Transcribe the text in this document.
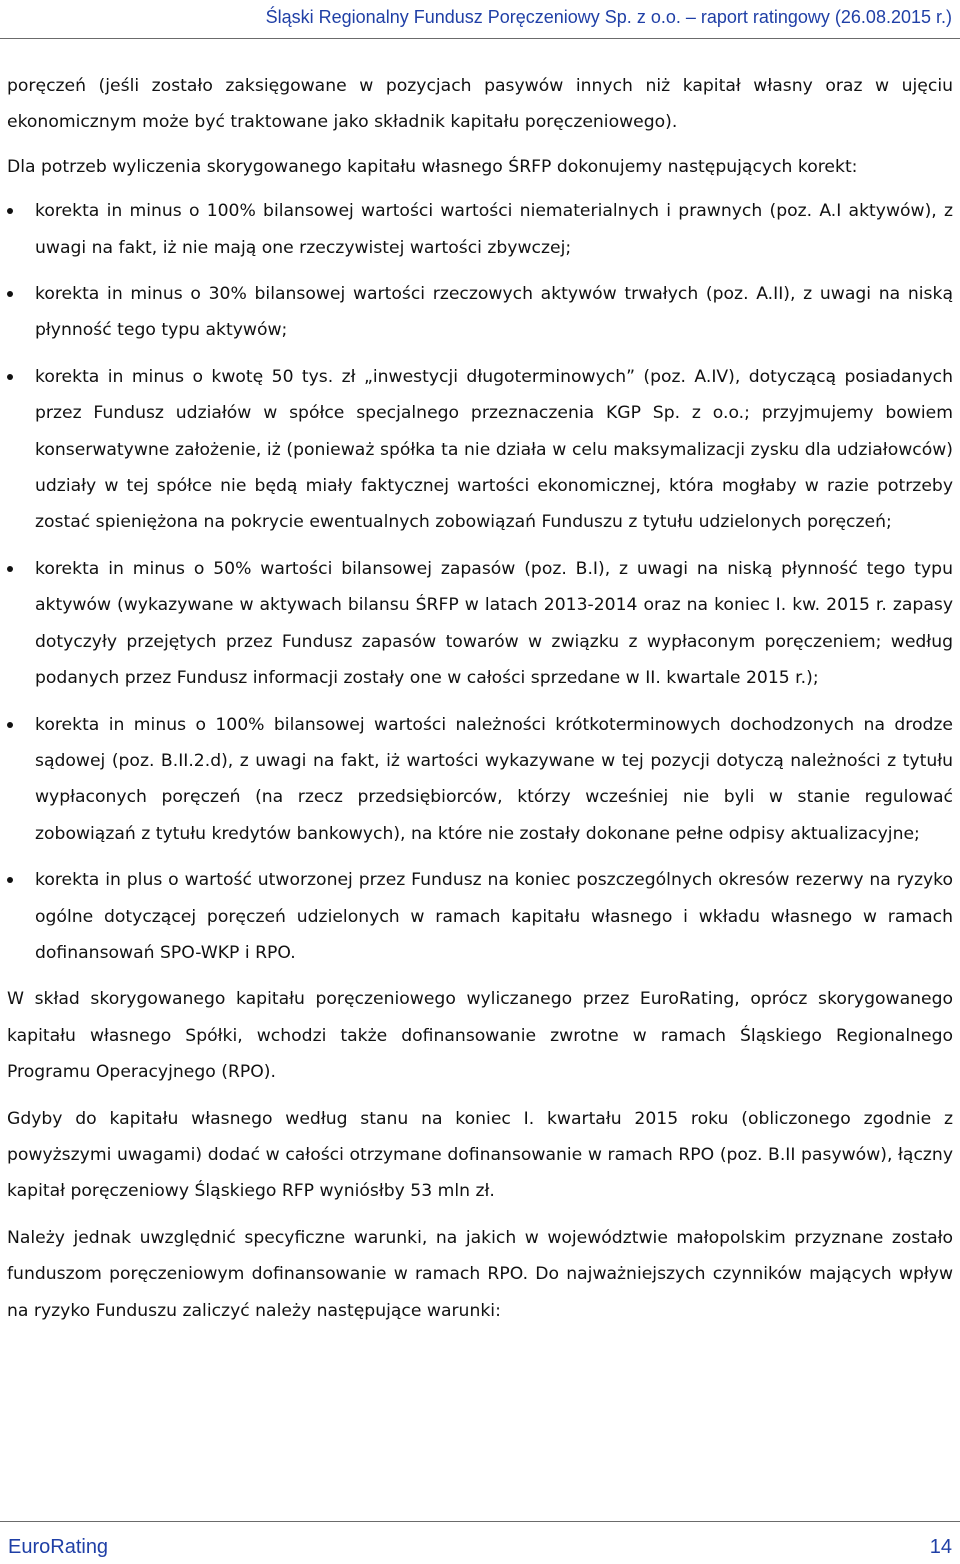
Śląski Regionalny Fundusz Poręczeniowy Sp. z o.o. – raport ratingowy (26.08.2015 r.)

poręczeń (jeśli zostało zaksięgowane w pozycjach pasywów innych niż kapitał własny oraz w ujęciu ekonomicznym może być traktowane jako składnik kapitału poręczeniowego).

Dla potrzeb wyliczenia skorygowanego kapitału własnego ŚRFP dokonujemy następujących korekt:

korekta in minus o 100% bilansowej wartości wartości niematerialnych i prawnych (poz. A.I aktywów), z uwagi na fakt, iż nie mają one rzeczywistej wartości zbywczej;
korekta in minus o 30% bilansowej wartości rzeczowych aktywów trwałych (poz. A.II), z uwagi na niską płynność tego typu aktywów;
korekta in minus o kwotę 50 tys. zł „inwestycji długoterminowych” (poz. A.IV), dotyczącą posiadanych przez Fundusz udziałów w spółce specjalnego przeznaczenia KGP Sp. z o.o.; przyjmujemy bowiem konserwatywne założenie, iż (ponieważ spółka ta nie działa w celu maksymalizacji zysku dla udziałowców) udziały w tej spółce nie będą miały faktycznej wartości ekonomicznej, która mogłaby w razie potrzeby zostać spieniężona na pokrycie ewentualnych zobowiązań Funduszu z tytułu udzielonych poręczeń;
korekta in minus o 50% wartości bilansowej zapasów (poz. B.I), z uwagi na niską płynność tego typu aktywów (wykazywane w aktywach bilansu ŚRFP w latach 2013-2014 oraz na koniec I. kw. 2015 r. zapasy dotyczyły przejętych przez Fundusz zapasów towarów w związku z wypłaconym poręczeniem; według podanych przez Fundusz informacji zostały one w całości sprzedane w II. kwartale 2015 r.);
korekta in minus o 100% bilansowej wartości należności krótkoterminowych dochodzonych na drodze sądowej (poz. B.II.2.d), z uwagi na fakt, iż wartości wykazywane w tej pozycji dotyczą należności z tytułu wypłaconych poręczeń (na rzecz przedsiębiorców, którzy wcześniej nie byli w stanie regulować zobowiązań z tytułu kredytów bankowych), na które nie zostały dokonane pełne odpisy aktualizacyjne;
korekta in plus o wartość utworzonej przez Fundusz na koniec poszczególnych okresów rezerwy na ryzyko ogólne dotyczącej poręczeń udzielonych w ramach kapitału własnego i wkładu własnego w ramach dofinansowań SPO-WKP i RPO.

W skład skorygowanego kapitału poręczeniowego wyliczanego przez EuroRating, oprócz skorygowanego kapitału własnego Spółki, wchodzi także dofinansowanie zwrotne w ramach Śląskiego Regionalnego Programu Operacyjnego (RPO).

Gdyby do kapitału własnego według stanu na koniec I. kwartału 2015 roku (obliczonego zgodnie z powyższymi uwagami) dodać w całości otrzymane dofinansowanie w ramach RPO (poz. B.II pasywów), łączny kapitał poręczeniowy Śląskiego RFP wyniósłby 53 mln zł.

Należy jednak uwzględnić specyficzne warunki, na jakich w województwie małopolskim przyznane zostało funduszom poręczeniowym dofinansowanie w ramach RPO. Do najważniejszych czynników mających wpływ na ryzyko Funduszu zaliczyć należy następujące warunki:

EuroRating	14
